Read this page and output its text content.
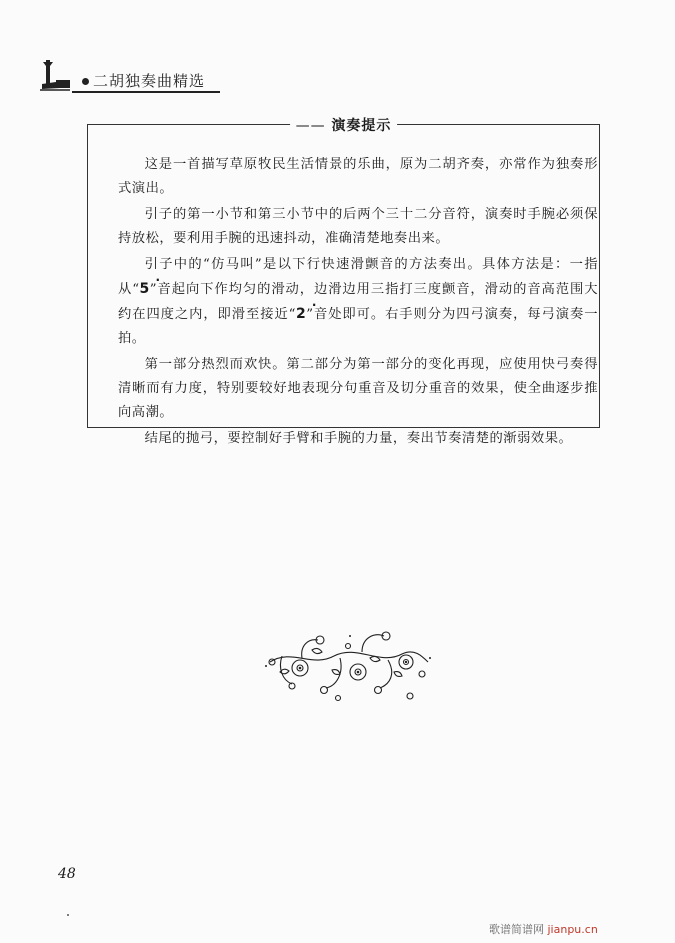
二胡独奏曲精选
—— 演奏提示

这是一首描写草原牧民生活情景的乐曲，原为二胡齐奏，亦常作为独奏形式演出。

引子的第一小节和第三小节中的后两个三十二分音符，演奏时手腕必须保持放松，要利用手腕的迅速抖动，准确清楚地奏出来。

引子中的“仿马叫”是以下行快速滑颤音的方法奏出。具体方法是：一指从“
·
5”音起向下作均匀的滑动，边滑边用三指打三度颤音，滑动的音高范围大约在四度之内，即滑至接近“
·
2”音处即可。右手则分为四弓演奏，每弓演奏一拍。

第一部分热烈而欢快。第二部分为第一部分的变化再现，应使用快弓奏得清晰而有力度，特别要较好地表现分句重音及切分重音的效果，使全曲逐步推向高潮。

结尾的抛弓，要控制好手臂和手腕的力量，奏出节奏清楚的渐弱效果。

48
歌谱简谱网 jianpu.cn
